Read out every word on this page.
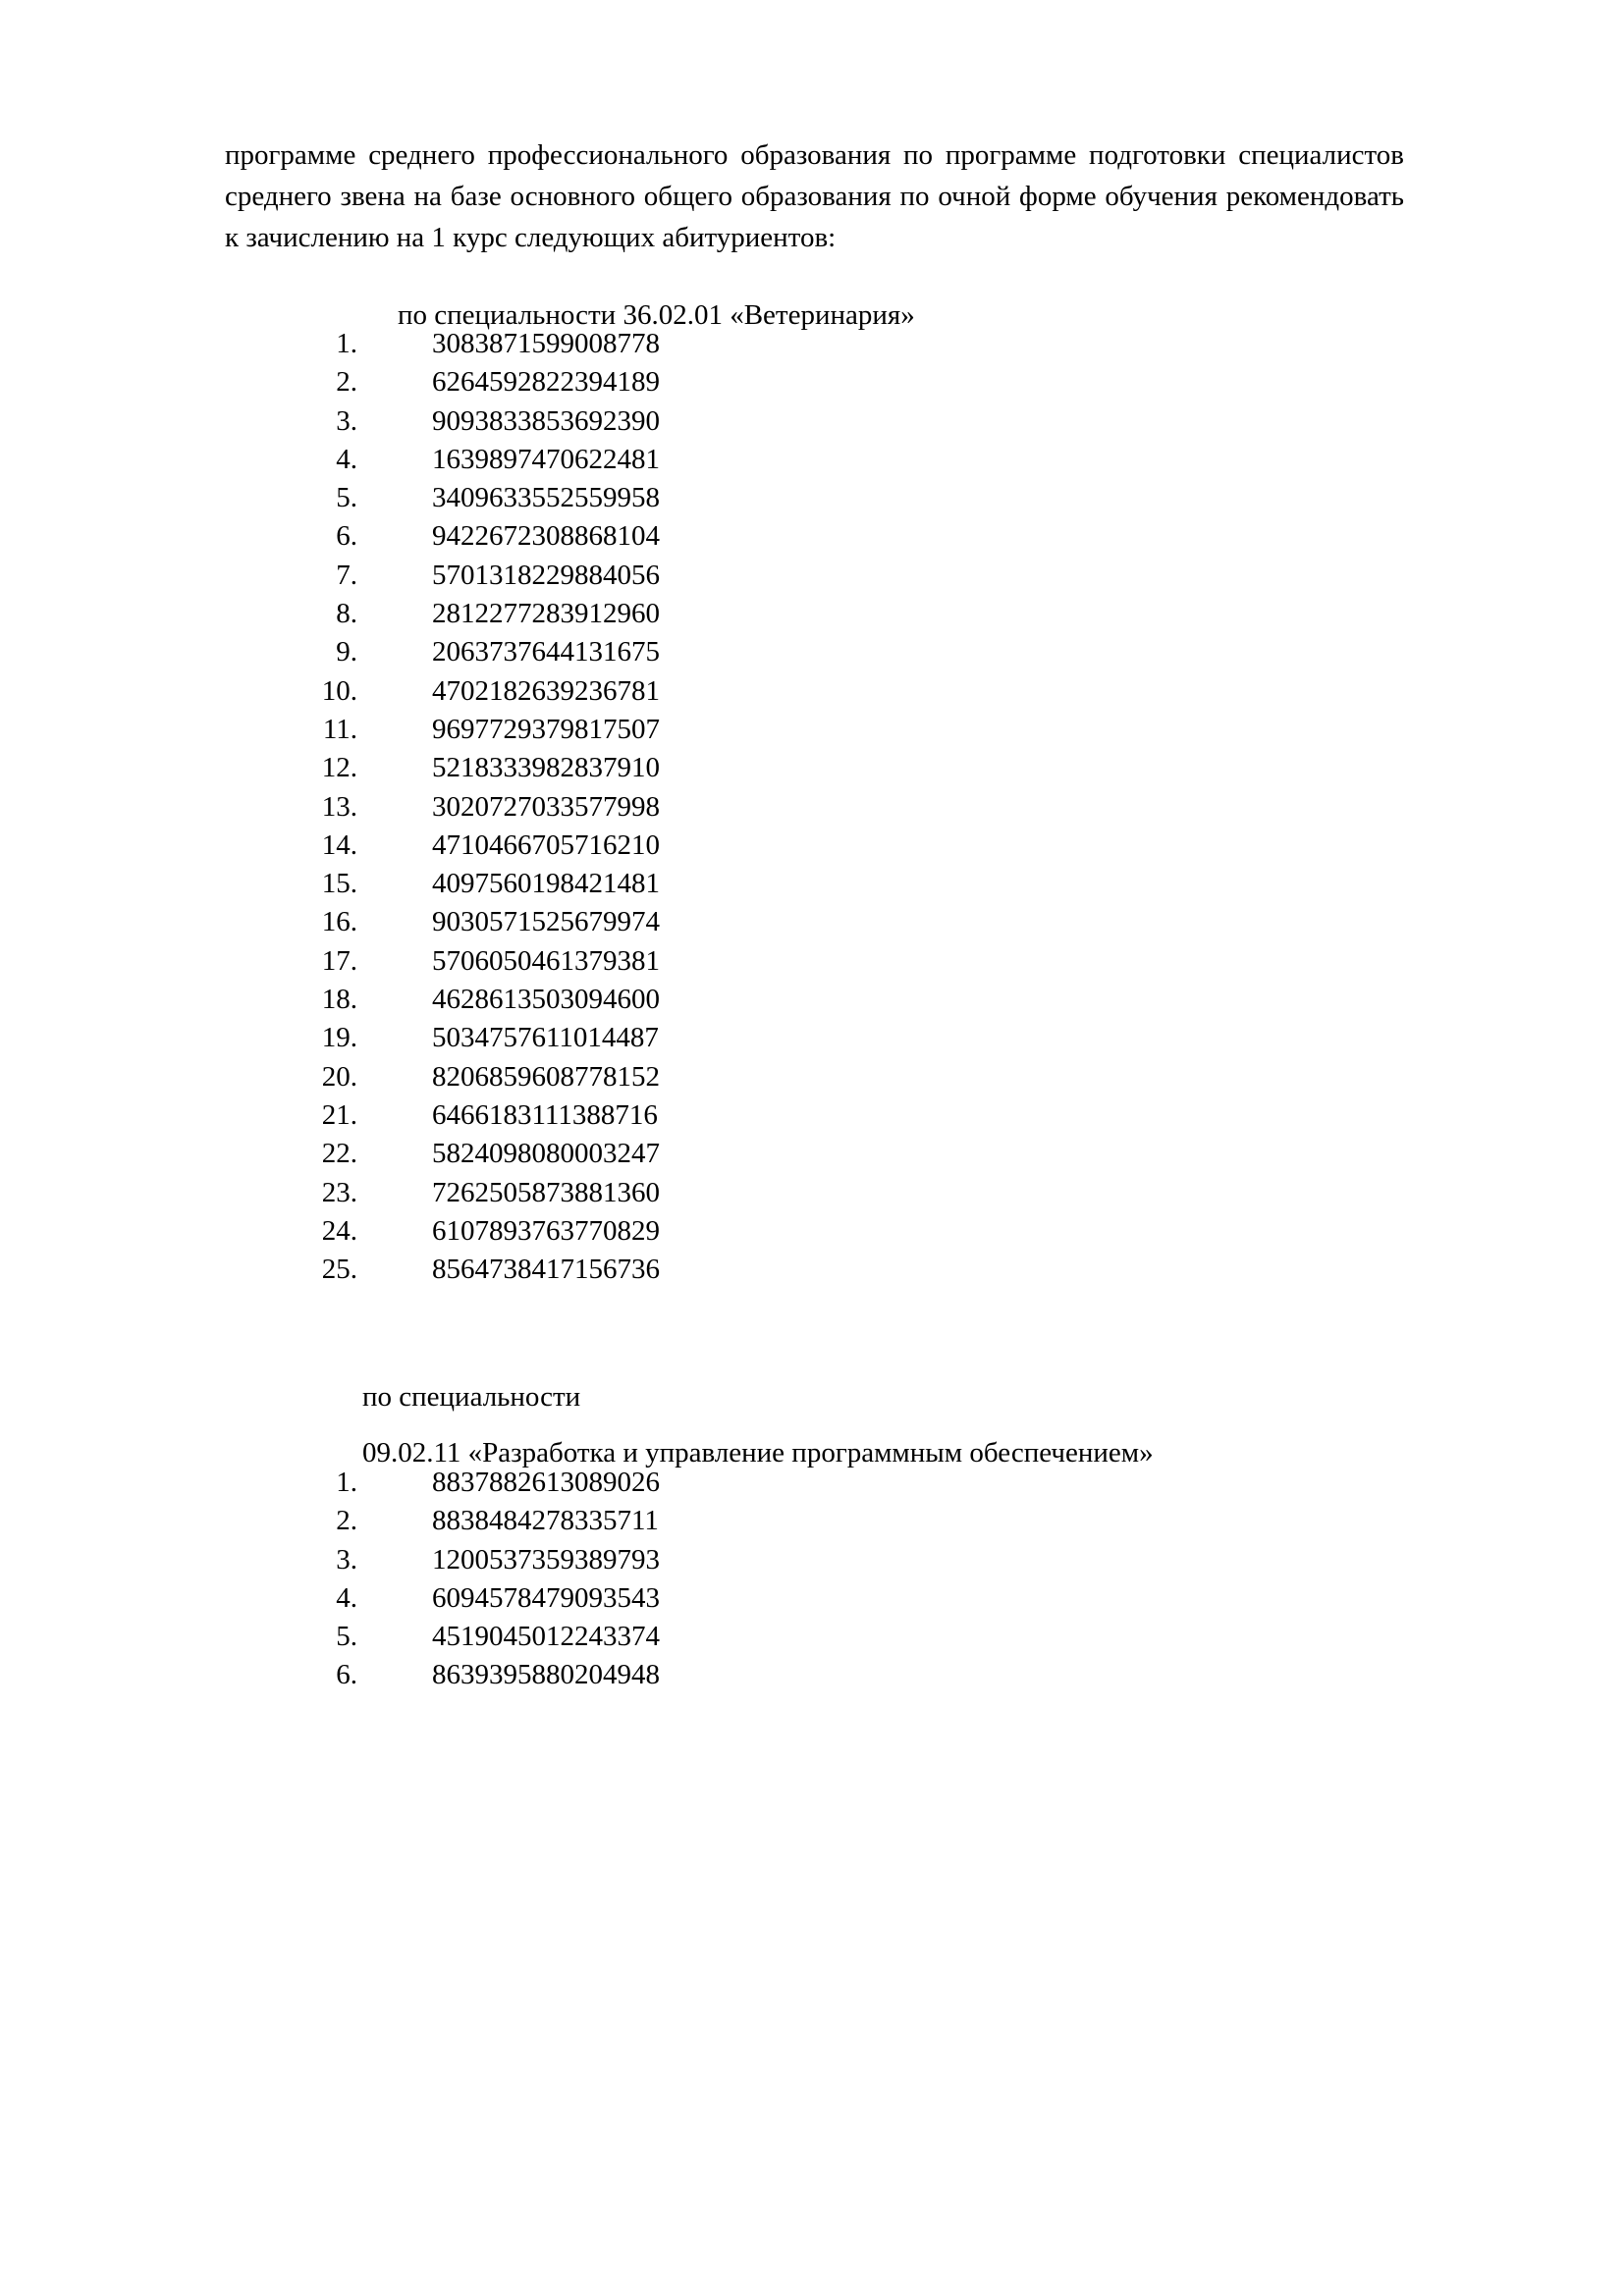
программе среднего профессионального образования по программе подготовки специалистов среднего звена на базе основного общего образования по очной форме обучения рекомендовать к зачислению на 1 курс следующих абитуриентов:

по специальности 36.02.01 «Ветеринария»

1.	3083871599008778
2.	6264592822394189
3.	9093833853692390
4.	1639897470622481
5.	3409633552559958
6.	9422672308868104
7.	5701318229884056
8.	2812277283912960
9.	2063737644131675
10.	4702182639236781
11.	9697729379817507
12.	5218333982837910
13.	3020727033577998
14.	4710466705716210
15.	4097560198421481
16.	9030571525679974
17.	5706050461379381
18.	4628613503094600
19.	5034757611014487
20.	8206859608778152
21.	6466183111388716
22.	5824098080003247
23.	7262505873881360
24.	6107893763770829
25.	8564738417156736

по специальности

09.02.11 «Разработка и управление программным обеспечением»

1.	8837882613089026
2.	8838484278335711
3.	1200537359389793
4.	6094578479093543
5.	4519045012243374
6.	8639395880204948
